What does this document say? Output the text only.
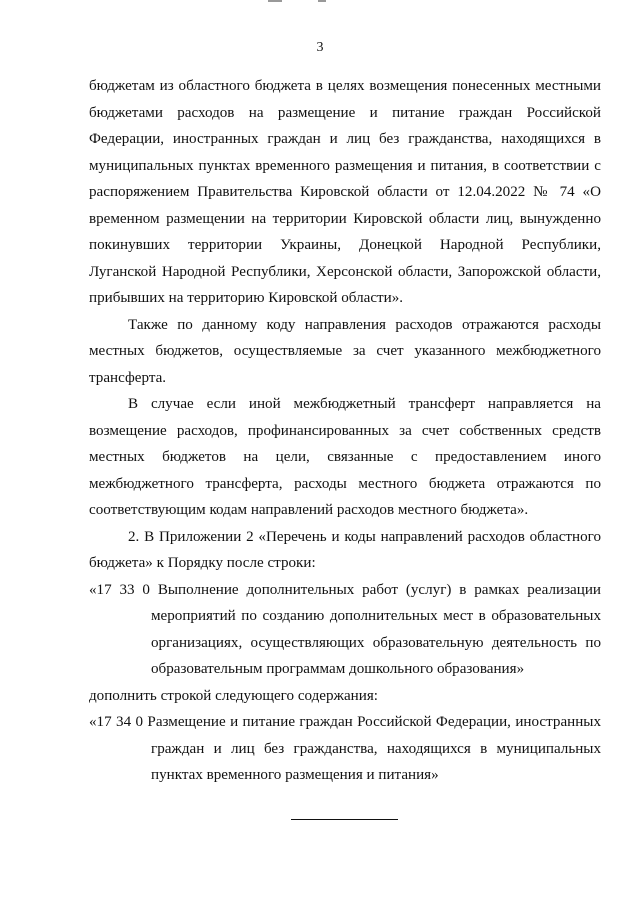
3
бюджетам из областного бюджета в целях возмещения понесенных местными
бюджетами расходов на размещение и питание граждан Российской
Федерации, иностранных граждан и лиц без гражданства, находящихся в
муниципальных пунктах временного размещения и питания, в соответствии с
распоряжением Правительства Кировской области от 12.04.2022 № 74 «О
временном размещении на территории Кировской области лиц, вынужденно
покинувших территории Украины, Донецкой Народной Республики,
Луганской Народной Республики, Херсонской области, Запорожской области,
прибывших на территорию Кировской области».
Также по данному коду направления расходов отражаются расходы
местных бюджетов, осуществляемые за счет указанного межбюджетного
трансферта.
В случае если иной межбюджетный трансферт направляется на
возмещение расходов, профинансированных за счет собственных средств
местных бюджетов на цели, связанные с предоставлением иного
межбюджетного трансферта, расходы местного бюджета отражаются по
соответствующим кодам направлений расходов местного бюджета».
2. В Приложении 2 «Перечень и коды направлений расходов областного
бюджета» к Порядку после строки:
«17 33 0 Выполнение дополнительных работ (услуг) в рамках реализации
мероприятий по созданию дополнительных мест в образовательных
организациях, осуществляющих образовательную деятельность по
образовательным программам дошкольного образования»
дополнить строкой следующего содержания:
«17 34 0 Размещение и питание граждан Российской Федерации, иностранных
граждан и лиц без гражданства, находящихся в муниципальных
пунктах временного размещения и питания»
